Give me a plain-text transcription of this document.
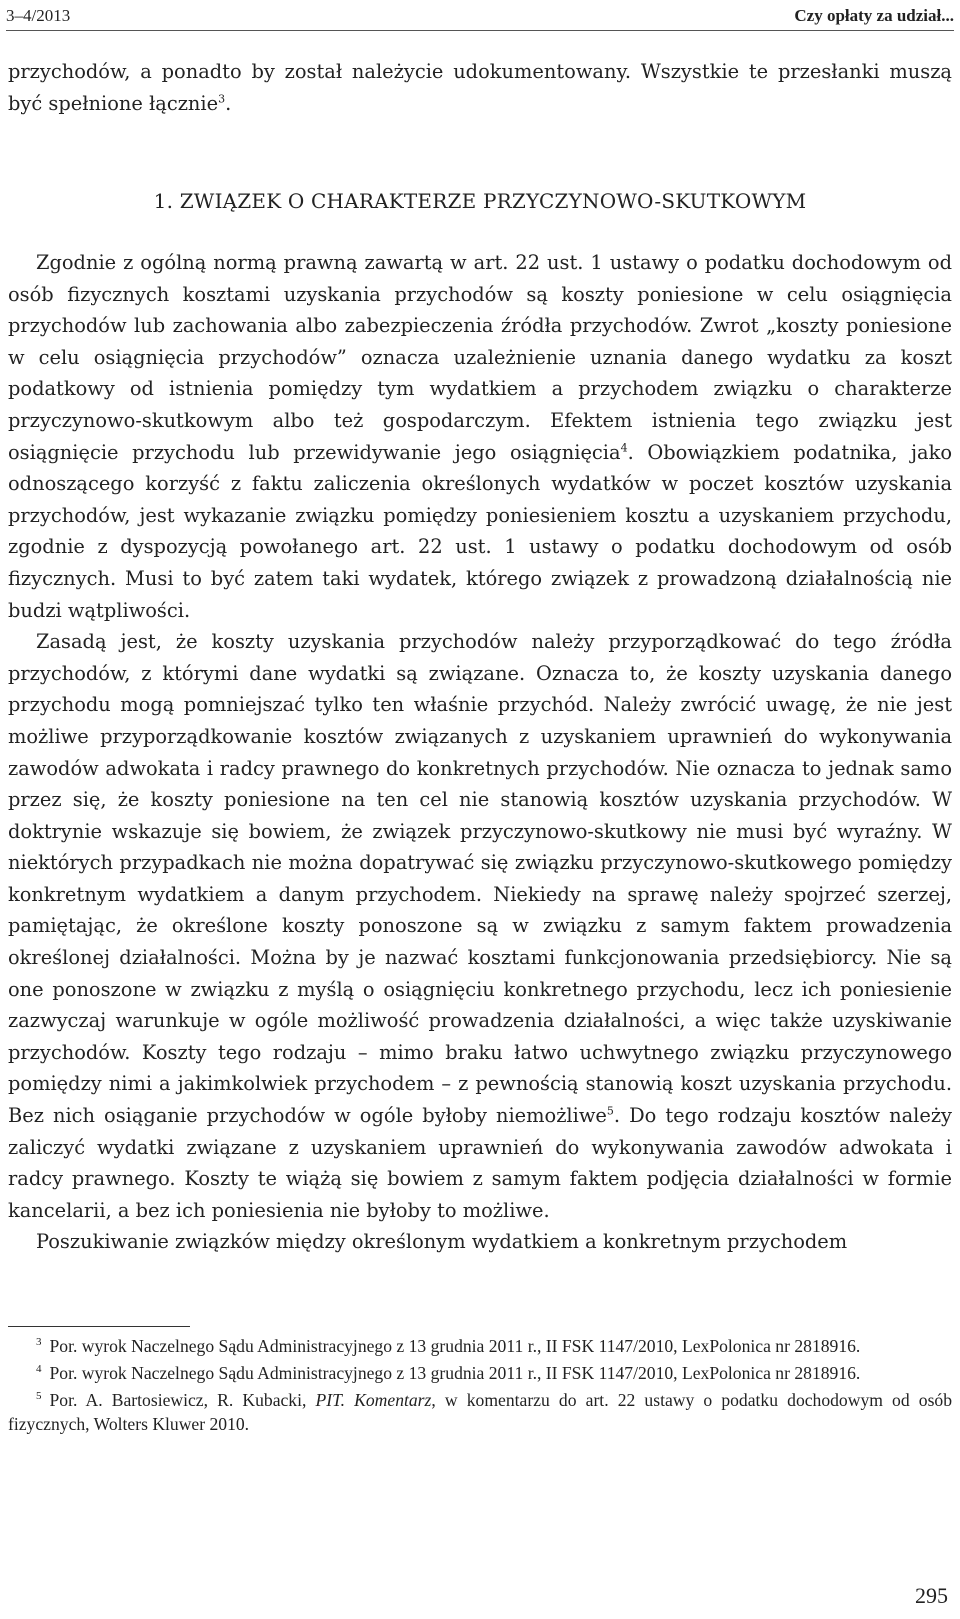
3–4/2013	Czy opłaty za udział...

przychodów, a ponadto by został należycie udokumentowany. Wszystkie te przesłanki muszą być spełnione łącznie$^3$.

1. ZWIĄZEK O CHARAKTERZE PRZYCZYNOWO-SKUTKOWYM

Zgodnie z ogólną normą prawną zawartą w art. 22 ust. 1 ustawy o podatku dochodowym od osób fizycznych kosztami uzyskania przychodów są koszty poniesione w celu osiągnięcia przychodów lub zachowania albo zabezpieczenia źródła przychodów. Zwrot „koszty poniesione w celu osiągnięcia przychodów” oznacza uzależnienie uznania danego wydatku za koszt podatkowy od istnienia pomiędzy tym wydatkiem a przychodem związku o charakterze przyczynowo-skutkowym albo też gospodarczym. Efektem istnienia tego związku jest osiągnięcie przychodu lub przewidywanie jego osiągnięcia$^4$. Obowiązkiem podatnika, jako odnoszącego korzyść z faktu zaliczenia określonych wydatków w poczet kosztów uzyskania przychodów, jest wykazanie związku pomiędzy poniesieniem kosztu a uzyskaniem przychodu, zgodnie z dyspozycją powołanego art. 22 ust. 1 ustawy o podatku dochodowym od osób fizycznych. Musi to być zatem taki wydatek, którego związek z prowadzoną działalnością nie budzi wątpliwości.

Zasadą jest, że koszty uzyskania przychodów należy przyporządkować do tego źródła przychodów, z którymi dane wydatki są związane. Oznacza to, że koszty uzyskania danego przychodu mogą pomniejszać tylko ten właśnie przychód. Należy zwrócić uwagę, że nie jest możliwe przyporządkowanie kosztów związanych z uzyskaniem uprawnień do wykonywania zawodów adwokata i radcy prawnego do konkretnych przychodów. Nie oznacza to jednak samo przez się, że koszty poniesione na ten cel nie stanowią kosztów uzyskania przychodów. W doktrynie wskazuje się bowiem, że związek przyczynowo-skutkowy nie musi być wyraźny. W niektórych przypadkach nie można dopatrywać się związku przyczynowo-skutkowego pomiędzy konkretnym wydatkiem a danym przychodem. Niekiedy na sprawę należy spojrzeć szerzej, pamiętając, że określone koszty ponoszone są w związku z samym faktem prowadzenia określonej działalności. Można by je nazwać kosztami funkcjonowania przedsiębiorcy. Nie są one ponoszone w związku z myślą o osiągnięciu konkretnego przychodu, lecz ich poniesienie zazwyczaj warunkuje w ogóle możliwość prowadzenia działalności, a więc także uzyskiwanie przychodów. Koszty tego rodzaju – mimo braku łatwo uchwytnego związku przyczynowego pomiędzy nimi a jakimkolwiek przychodem – z pewnością stanowią koszt uzyskania przychodu. Bez nich osiąganie przychodów w ogóle byłoby niemożliwe$^5$. Do tego rodzaju kosztów należy zaliczyć wydatki związane z uzyskaniem uprawnień do wykonywania zawodów adwokata i radcy prawnego. Koszty te wiążą się bowiem z samym faktem podjęcia działalności w formie kancelarii, a bez ich poniesienia nie byłoby to możliwe.

Poszukiwanie związków między określonym wydatkiem a konkretnym przychodem

$^3$ Por. wyrok Naczelnego Sądu Administracyjnego z 13 grudnia 2011 r., II FSK 1147/2010, LexPolonica nr 2818916.

$^4$ Por. wyrok Naczelnego Sądu Administracyjnego z 13 grudnia 2011 r., II FSK 1147/2010, LexPolonica nr 2818916.

$^5$ Por. A. Bartosiewicz, R. Kubacki, PIT. Komentarz, w komentarzu do art. 22 ustawy o podatku dochodowym od osób fizycznych, Wolters Kluwer 2010.

295
